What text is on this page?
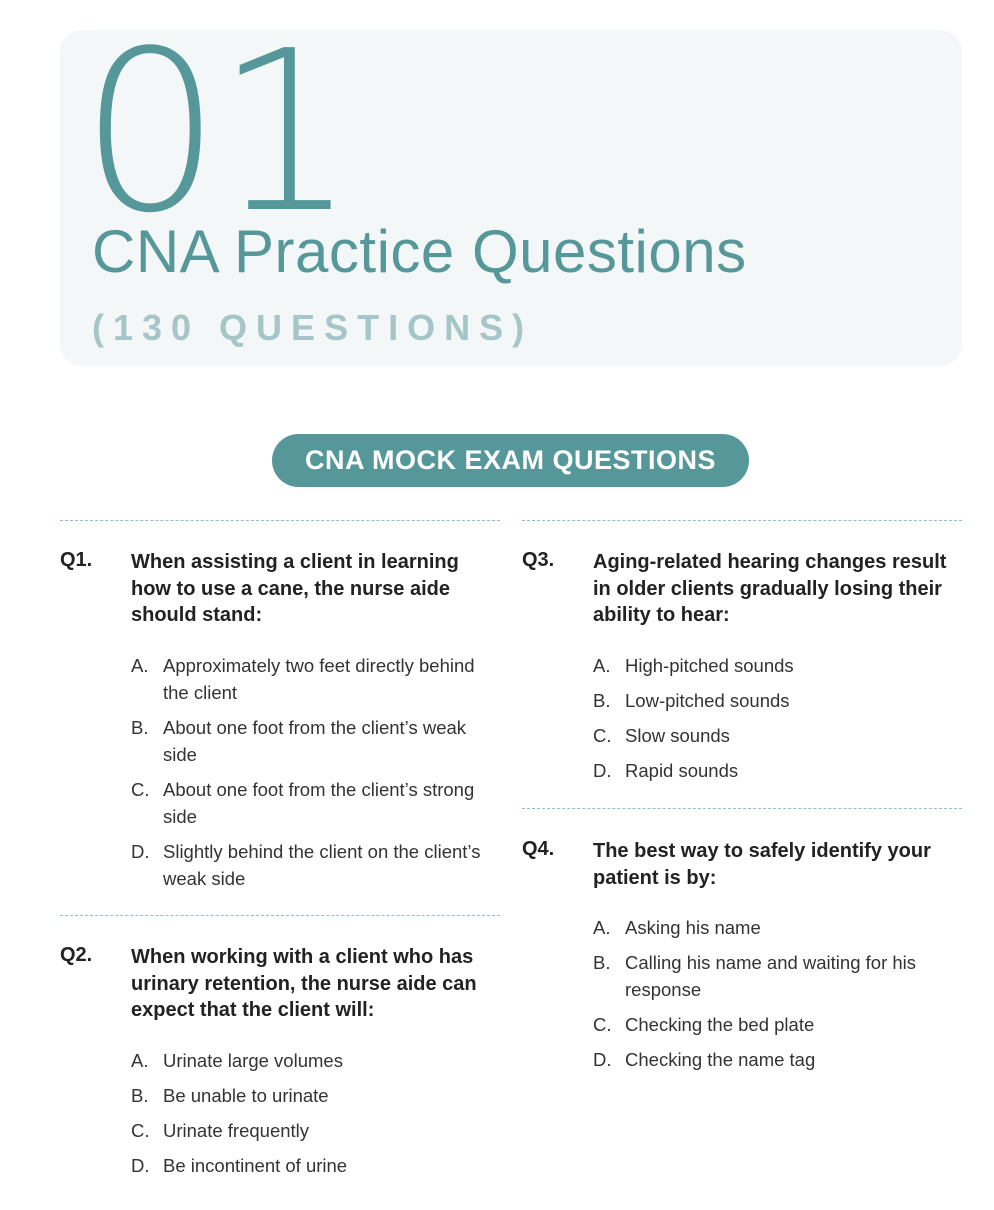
01
CNA Practice Questions
(130 QUESTIONS)
CNA MOCK EXAM QUESTIONS
Q1. When assisting a client in learning how to use a cane, the nurse aide should stand:
A. Approximately two feet directly behind the client
B. About one foot from the client’s weak side
C. About one foot from the client’s strong side
D. Slightly behind the client on the client’s weak side
Q2. When working with a client who has urinary retention, the nurse aide can expect that the client will:
A. Urinate large volumes
B. Be unable to urinate
C. Urinate frequently
D. Be incontinent of urine
Q3. Aging-related hearing changes result in older clients gradually losing their ability to hear:
A. High-pitched sounds
B. Low-pitched sounds
C. Slow sounds
D. Rapid sounds
Q4. The best way to safely identify your patient is by:
A. Asking his name
B. Calling his name and waiting for his response
C. Checking the bed plate
D. Checking the name tag
